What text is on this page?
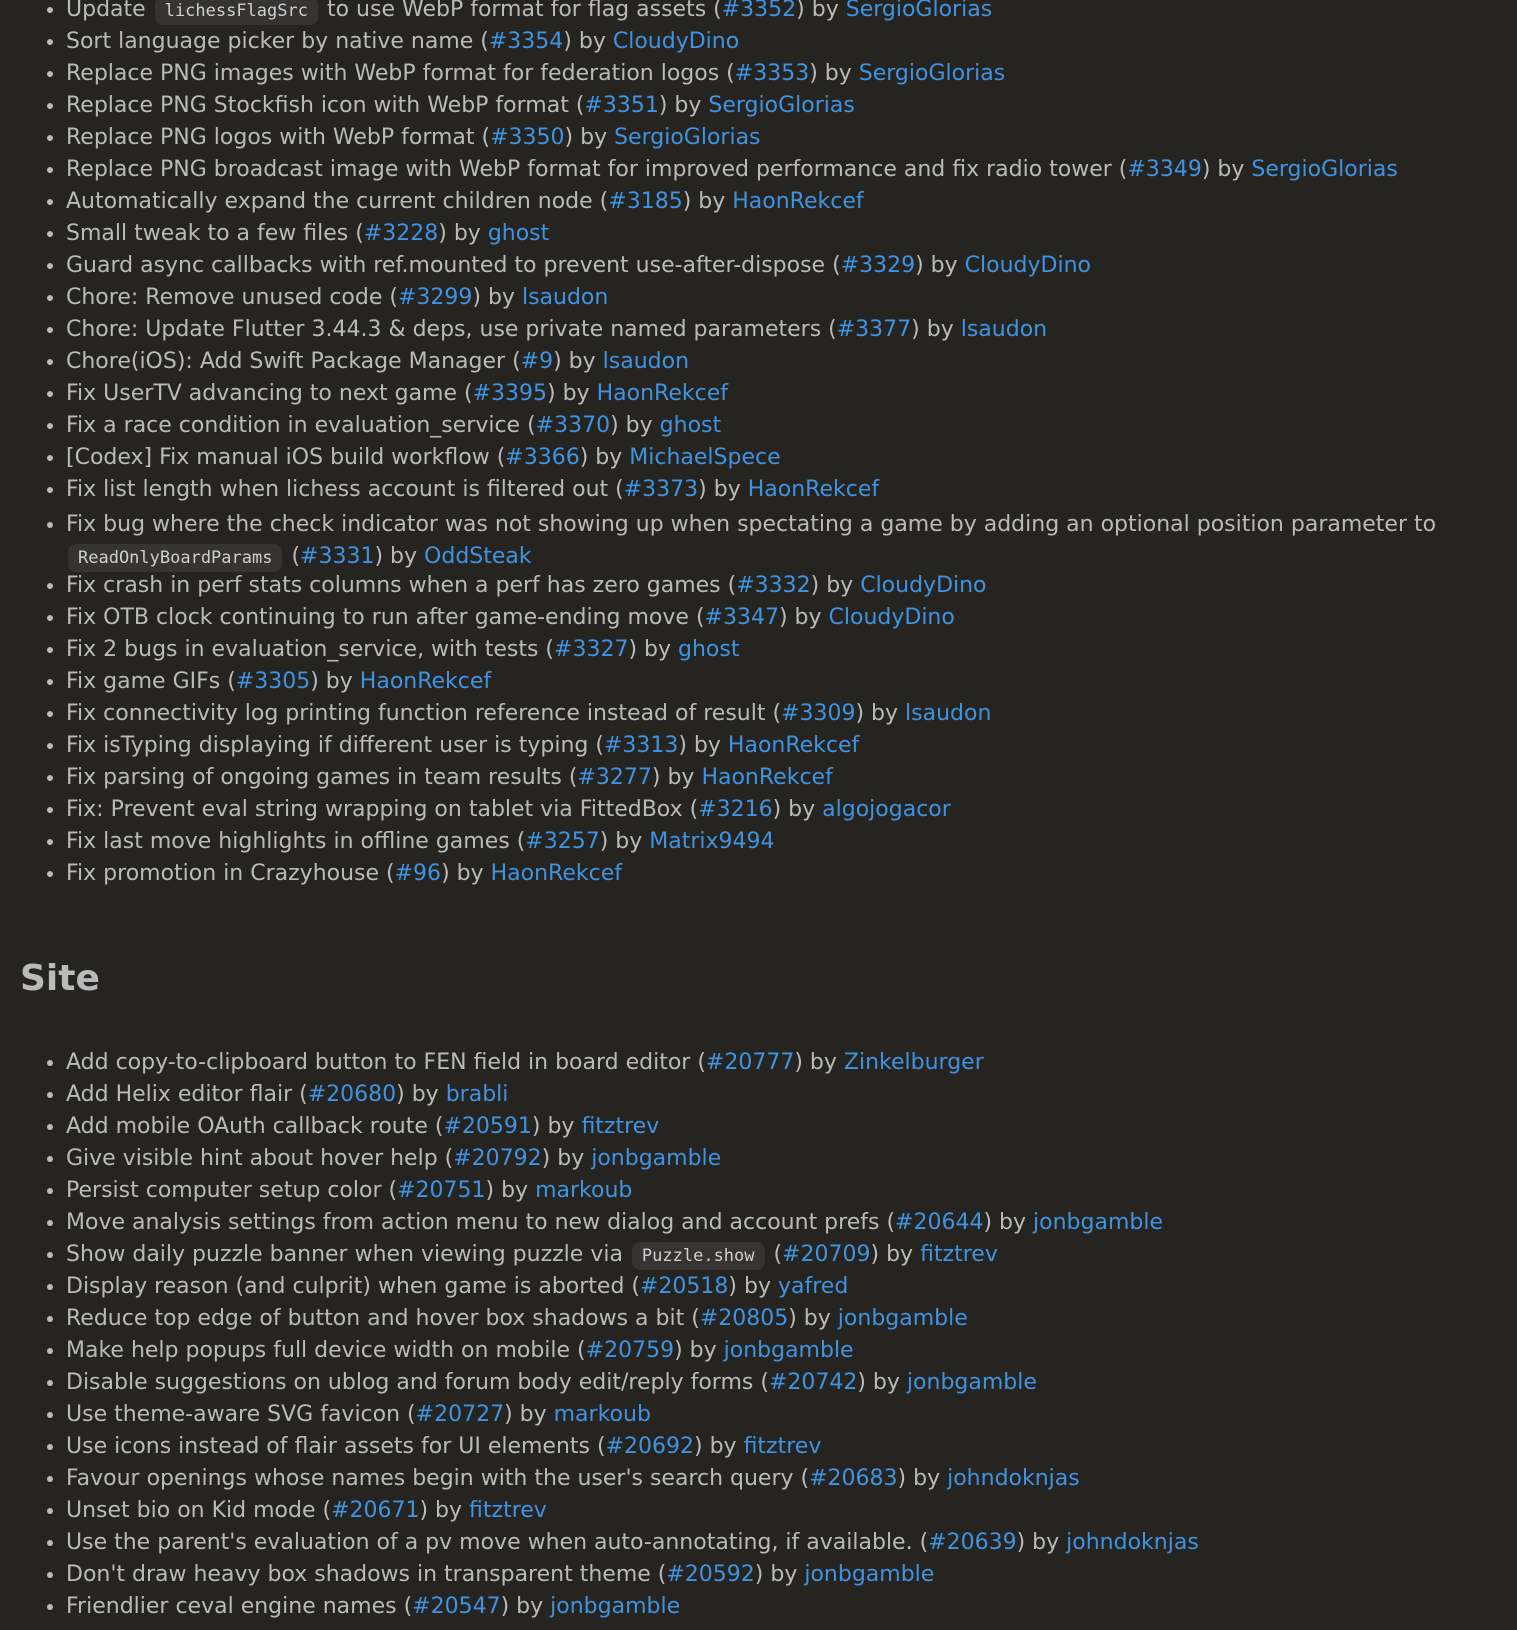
• Update lichessFlagSrc to use WebP format for flag assets (#3352) by SergioGlorias
• Sort language picker by native name (#3354) by CloudyDino
• Replace PNG images with WebP format for federation logos (#3353) by SergioGlorias
• Replace PNG Stockfish icon with WebP format (#3351) by SergioGlorias
• Replace PNG logos with WebP format (#3350) by SergioGlorias
• Replace PNG broadcast image with WebP format for improved performance and fix radio tower (#3349) by SergioGlorias
• Automatically expand the current children node (#3185) by HaonRekcef
• Small tweak to a few files (#3228) by ghost
• Guard async callbacks with ref.mounted to prevent use-after-dispose (#3329) by CloudyDino
• Chore: Remove unused code (#3299) by lsaudon
• Chore: Update Flutter 3.44.3 & deps, use private named parameters (#3377) by lsaudon
• Chore(iOS): Add Swift Package Manager (#9) by lsaudon
• Fix UserTV advancing to next game (#3395) by HaonRekcef
• Fix a race condition in evaluation_service (#3370) by ghost
• [Codex] Fix manual iOS build workflow (#3366) by MichaelSpece
• Fix list length when lichess account is filtered out (#3373) by HaonRekcef
• Fix bug where the check indicator was not showing up when spectating a game by adding an optional position parameter to ReadOnlyBoardParams (#3331) by OddSteak
• Fix crash in perf stats columns when a perf has zero games (#3332) by CloudyDino
• Fix OTB clock continuing to run after game-ending move (#3347) by CloudyDino
• Fix 2 bugs in evaluation_service, with tests (#3327) by ghost
• Fix game GIFs (#3305) by HaonRekcef
• Fix connectivity log printing function reference instead of result (#3309) by lsaudon
• Fix isTyping displaying if different user is typing (#3313) by HaonRekcef
• Fix parsing of ongoing games in team results (#3277) by HaonRekcef
• Fix: Prevent eval string wrapping on tablet via FittedBox (#3216) by algojogacor
• Fix last move highlights in offline games (#3257) by Matrix9494
• Fix promotion in Crazyhouse (#96) by HaonRekcef
Site
• Add copy-to-clipboard button to FEN field in board editor (#20777) by Zinkelburger
• Add Helix editor flair (#20680) by brabli
• Add mobile OAuth callback route (#20591) by fitztrev
• Give visible hint about hover help (#20792) by jonbgamble
• Persist computer setup color (#20751) by markoub
• Move analysis settings from action menu to new dialog and account prefs (#20644) by jonbgamble
• Show daily puzzle banner when viewing puzzle via Puzzle.show (#20709) by fitztrev
• Display reason (and culprit) when game is aborted (#20518) by yafred
• Reduce top edge of button and hover box shadows a bit (#20805) by jonbgamble
• Make help popups full device width on mobile (#20759) by jonbgamble
• Disable suggestions on ublog and forum body edit/reply forms (#20742) by jonbgamble
• Use theme-aware SVG favicon (#20727) by markoub
• Use icons instead of flair assets for UI elements (#20692) by fitztrev
• Favour openings whose names begin with the user's search query (#20683) by johndoknjas
• Unset bio on Kid mode (#20671) by fitztrev
• Use the parent's evaluation of a pv move when auto-annotating, if available. (#20639) by johndoknjas
• Don't draw heavy box shadows in transparent theme (#20592) by jonbgamble
• Friendlier ceval engine names (#20547) by jonbgamble
